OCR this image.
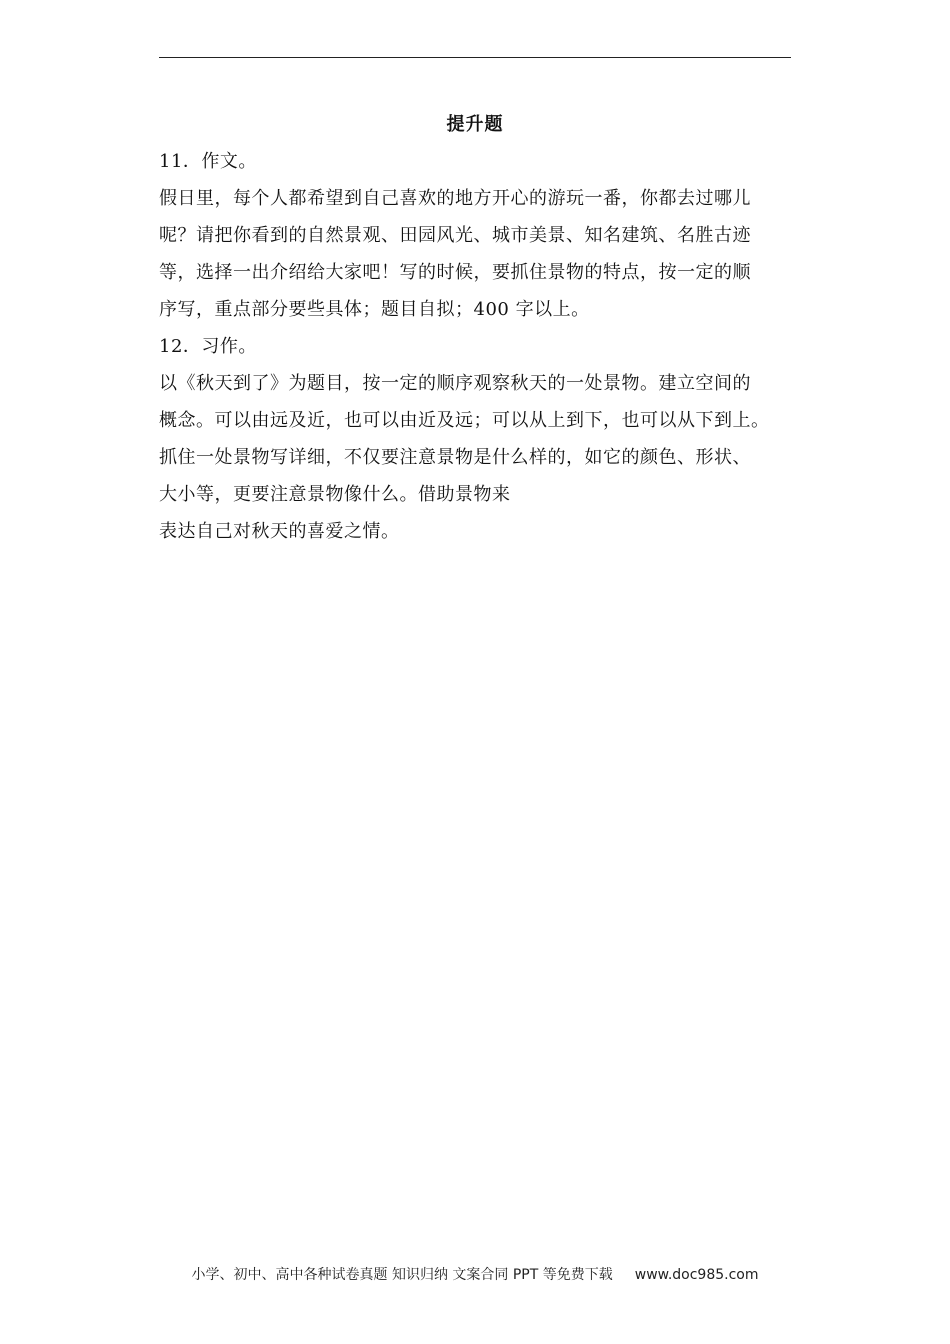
提升题
11．作文。
假日里，每个人都希望到自己喜欢的地方开心的游玩一番，你都去过哪儿
呢？请把你看到的自然景观、田园风光、城市美景、知名建筑、名胜古迹
等，选择一出介绍给大家吧！写的时候，要抓住景物的特点，按一定的顺
序写，重点部分要些具体；题目自拟；400 字以上。
12．习作。
以《秋天到了》为题目，按一定的顺序观察秋天的一处景物。建立空间的
概念。可以由远及近，也可以由近及远；可以从上到下，也可以从下到上。
抓住一处景物写详细，不仅要注意景物是什么样的，如它的颜色、形状、
大小等，更要注意景物像什么。借助景物来
表达自己对秋天的喜爱之情。
小学、初中、高中各种试卷真题 知识归纳 文案合同 PPT 等免费下载 www.doc985.com
